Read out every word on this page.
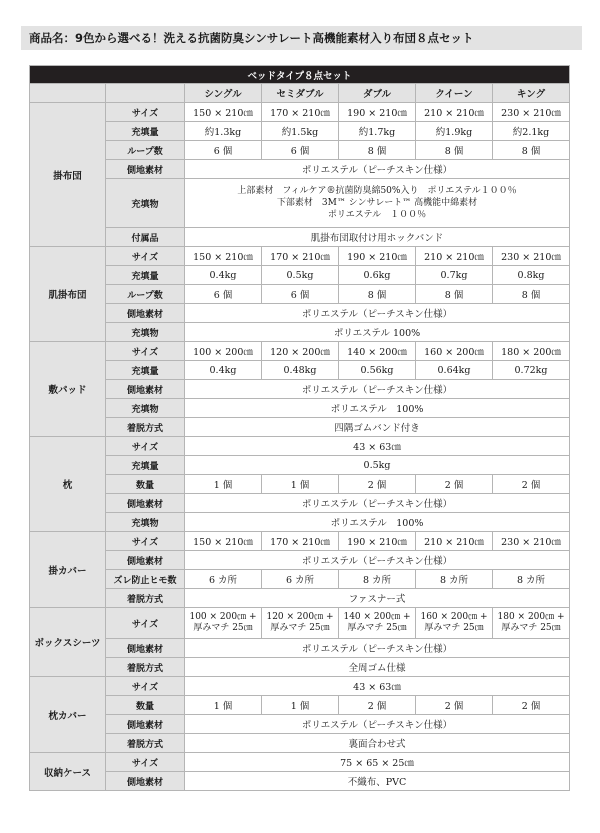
商品名：9色から選べる！洗える抗菌防臭シンサレート高機能素材入り布団８点セット
ベッドタイプ８点セット						
		シングル	セミダブル	ダブル	クイーン	キング
掛布団	サイズ	150 × 210㎝	170 × 210㎝	190 × 210㎝	210 × 210㎝	230 × 210㎝
	充填量	約1.3kg	約1.5kg	約1.7kg	約1.9kg	約2.1kg
	ループ数	6 個	6 個	8 個	8 個	8 個
	側地素材	ポリエステル（ピーチスキン仕様）				
	充填物	上部素材　フィルケア®抗菌防臭綿50%入り　ポリエステル１００％
下部素材　3M™ シンサレート™ 高機能中綿素材
ポリエステル　１００％				

	付属品	肌掛布団取付け用ホックバンド				
肌掛布団	サイズ	150 × 210㎝	170 × 210㎝	190 × 210㎝	210 × 210㎝	230 × 210㎝
	充填量	0.4kg	0.5kg	0.6kg	0.7kg	0.8kg
	ループ数	6 個	6 個	8 個	8 個	8 個
	側地素材	ポリエステル（ピーチスキン仕様）				
	充填物	ポリエステル 100%				
敷パッド	サイズ	100 × 200㎝	120 × 200㎝	140 × 200㎝	160 × 200㎝	180 × 200㎝
	充填量	0.4kg	0.48kg	0.56kg	0.64kg	0.72kg
	側地素材	ポリエステル（ピーチスキン仕様）				
	充填物	ポリエステル　100%				
	着脱方式	四隅ゴムバンド付き				
枕	サイズ	43 × 63㎝				
	充填量	0.5kg				
	数量	1 個	1 個	2 個	2 個	2 個
	側地素材	ポリエステル（ピーチスキン仕様）				
	充填物	ポリエステル　100%				
掛カバー	サイズ	150 × 210㎝	170 × 210㎝	190 × 210㎝	210 × 210㎝	230 × 210㎝
	側地素材	ポリエステル（ピーチスキン仕様）				
	ズレ防止ヒモ数	6 カ所	6 カ所	8 カ所	8 カ所	8 カ所
	着脱方式	ファスナー式				
ボックスシーツ	サイズ	100 × 200㎝ + 厚みマチ 25㎝	120 × 200㎝ + 厚みマチ 25㎝	140 × 200㎝ + 厚みマチ 25㎝	160 × 200㎝ + 厚みマチ 25㎝	180 × 200㎝ + 厚みマチ 25㎝
	側地素材	ポリエステル（ピーチスキン仕様）				
	着脱方式	全周ゴム仕様				
枕カバー	サイズ	43 × 63㎝				
	数量	1 個	1 個	2 個	2 個	2 個
	側地素材	ポリエステル（ピーチスキン仕様）				
	着脱方式	裏面合わせ式				
収納ケース	サイズ	75 × 65 × 25㎝				
	側地素材	不織布、PVC				
